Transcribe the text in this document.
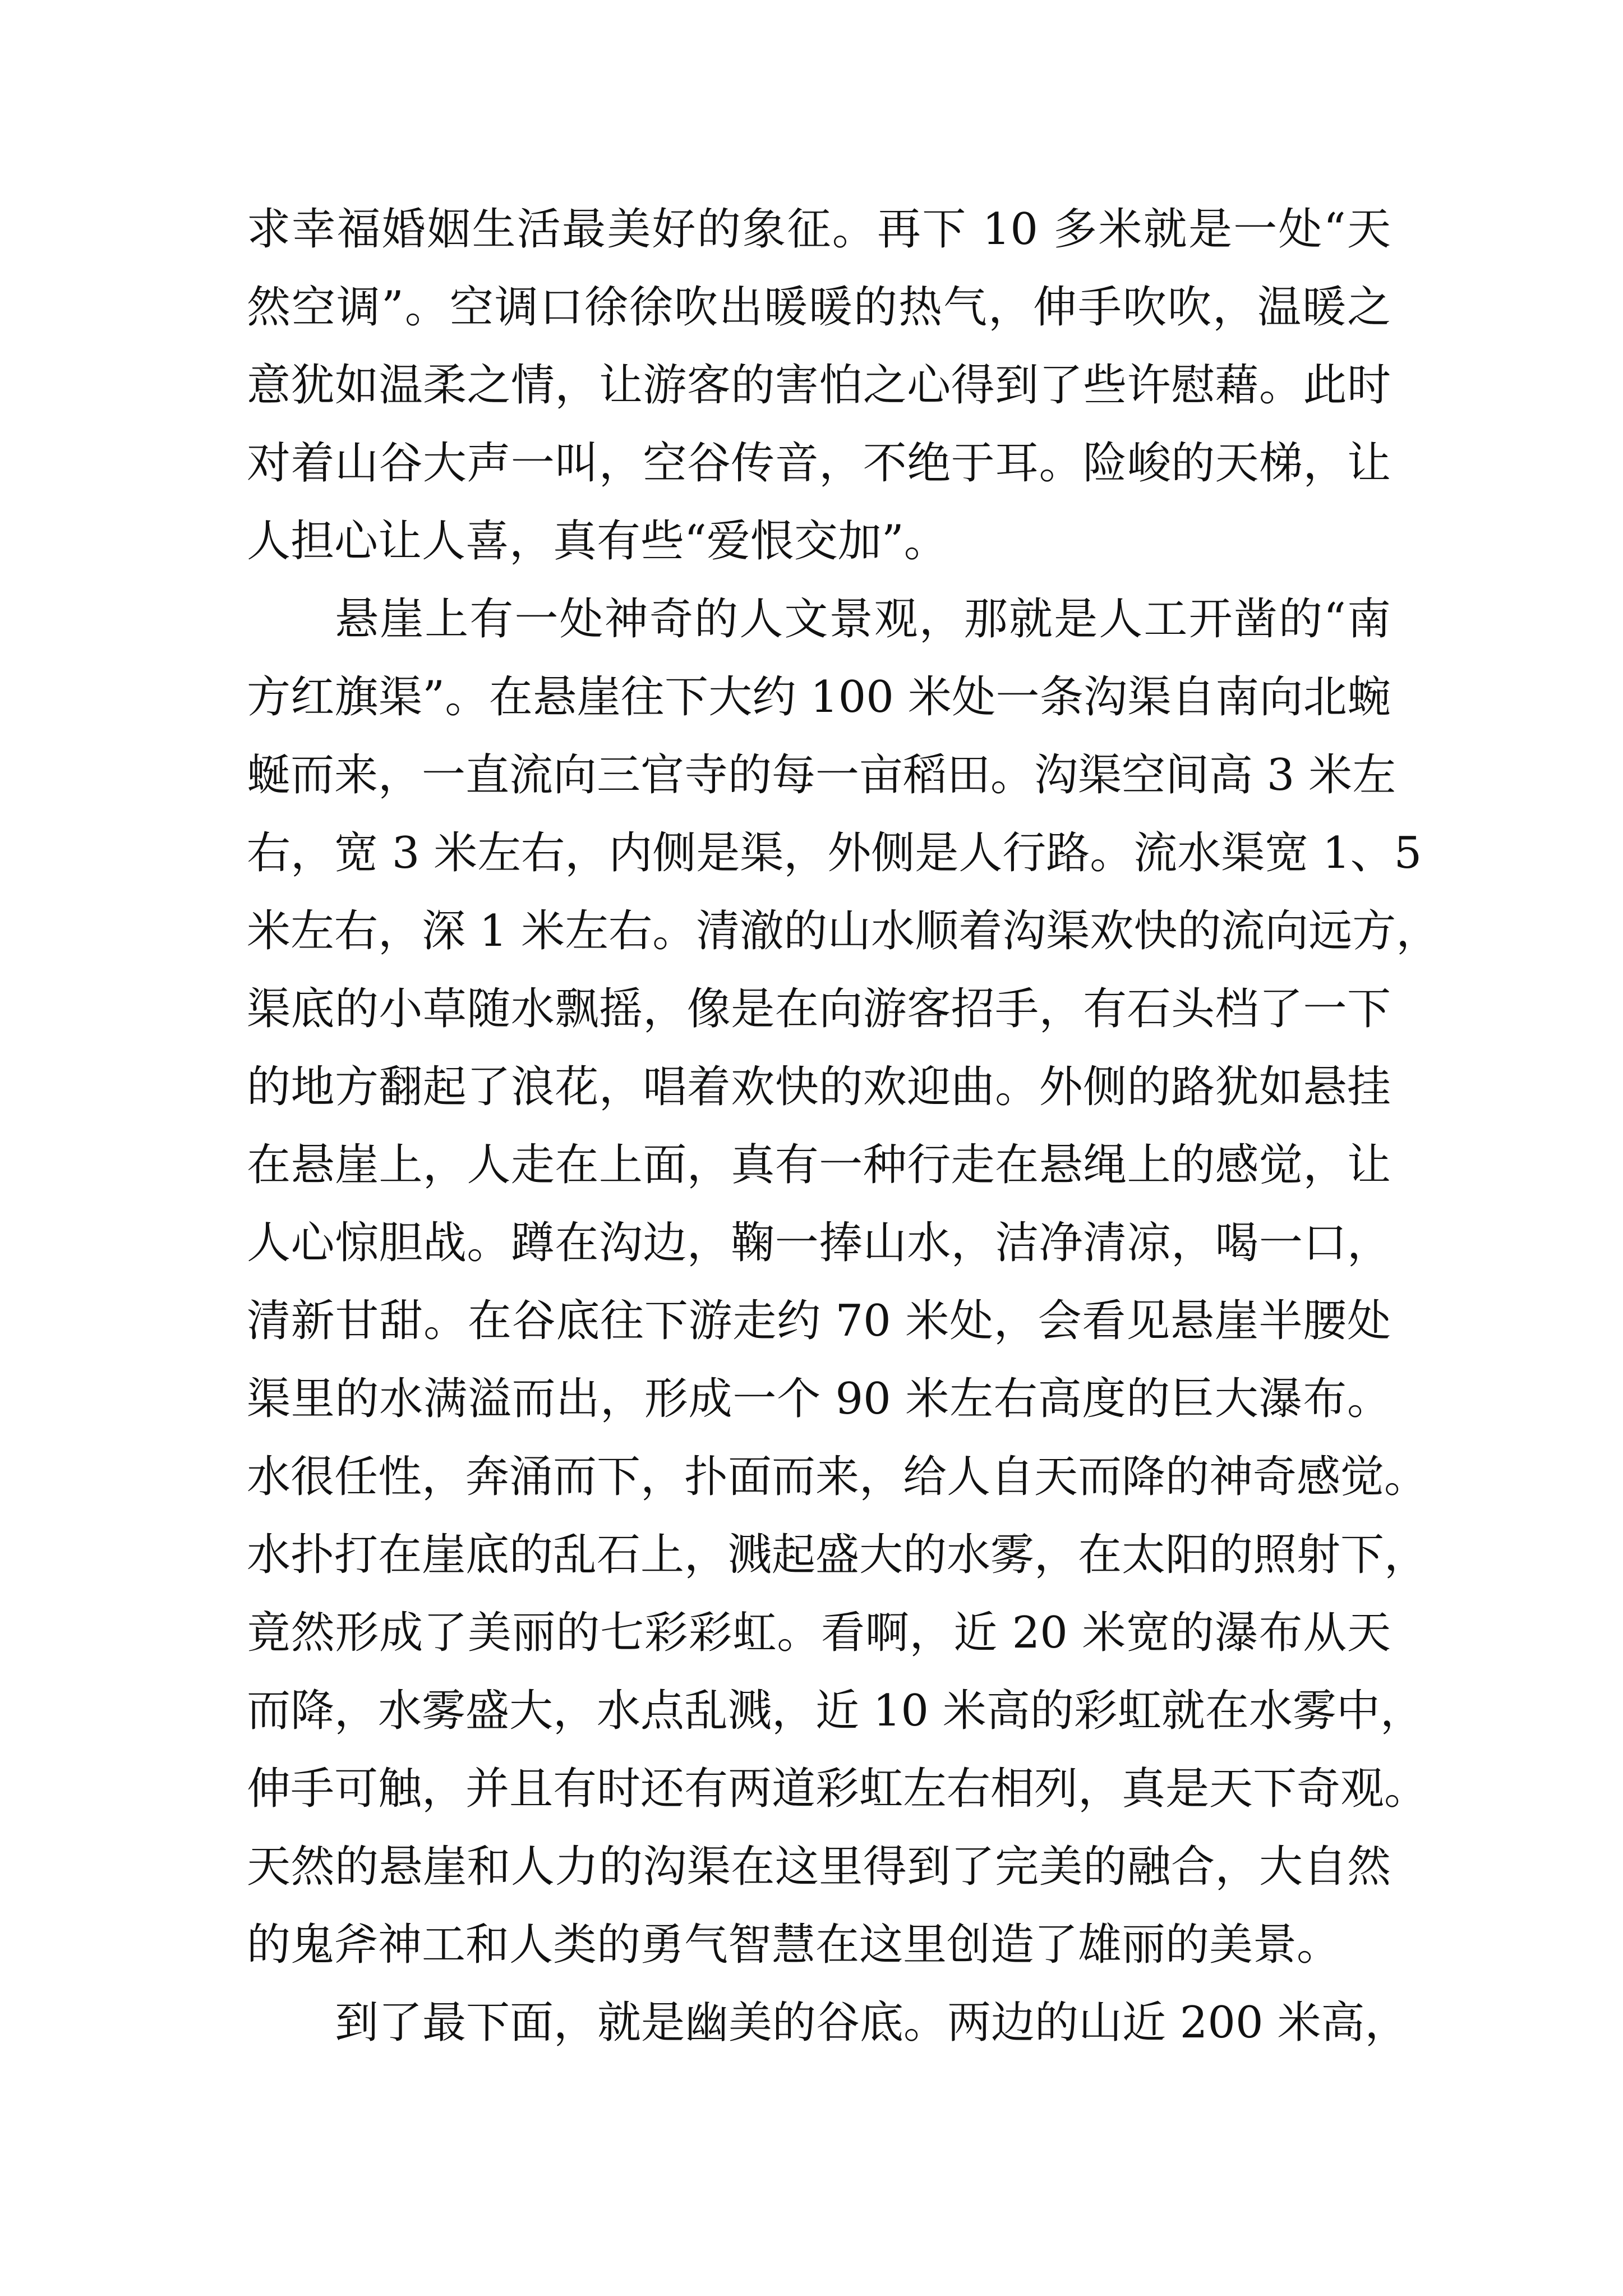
求幸福婚姻生活最美好的象征。再下 10 多米就是一处“天
然空调”。空调口徐徐吹出暖暖的热气，伸手吹吹，温暖之
意犹如温柔之情，让游客的害怕之心得到了些许慰藉。此时
对着山谷大声一叫，空谷传音，不绝于耳。险峻的天梯，让
人担心让人喜，真有些“爱恨交加”。
悬崖上有一处神奇的人文景观，那就是人工开凿的“南
方红旗渠”。在悬崖往下大约 100 米处一条沟渠自南向北蜿
蜒而来，一直流向三官寺的每一亩稻田。沟渠空间高 3 米左
右，宽 3 米左右，内侧是渠，外侧是人行路。流水渠宽 1、5
米左右，深 1 米左右。清澈的山水顺着沟渠欢快的流向远方，
渠底的小草随水飘摇，像是在向游客招手，有石头档了一下
的地方翻起了浪花，唱着欢快的欢迎曲。外侧的路犹如悬挂
在悬崖上，人走在上面，真有一种行走在悬绳上的感觉，让
人心惊胆战。蹲在沟边，鞠一捧山水，洁净清凉，喝一口，
清新甘甜。在谷底往下游走约 70 米处，会看见悬崖半腰处
渠里的水满溢而出，形成一个 90 米左右高度的巨大瀑布。
水很任性，奔涌而下，扑面而来，给人自天而降的神奇感觉。
水扑打在崖底的乱石上，溅起盛大的水雾，在太阳的照射下，
竟然形成了美丽的七彩彩虹。看啊，近 20 米宽的瀑布从天
而降，水雾盛大，水点乱溅，近 10 米高的彩虹就在水雾中，
伸手可触，并且有时还有两道彩虹左右相列，真是天下奇观。
天然的悬崖和人力的沟渠在这里得到了完美的融合，大自然
的鬼斧神工和人类的勇气智慧在这里创造了雄丽的美景。
到了最下面，就是幽美的谷底。两边的山近 200 米高，
